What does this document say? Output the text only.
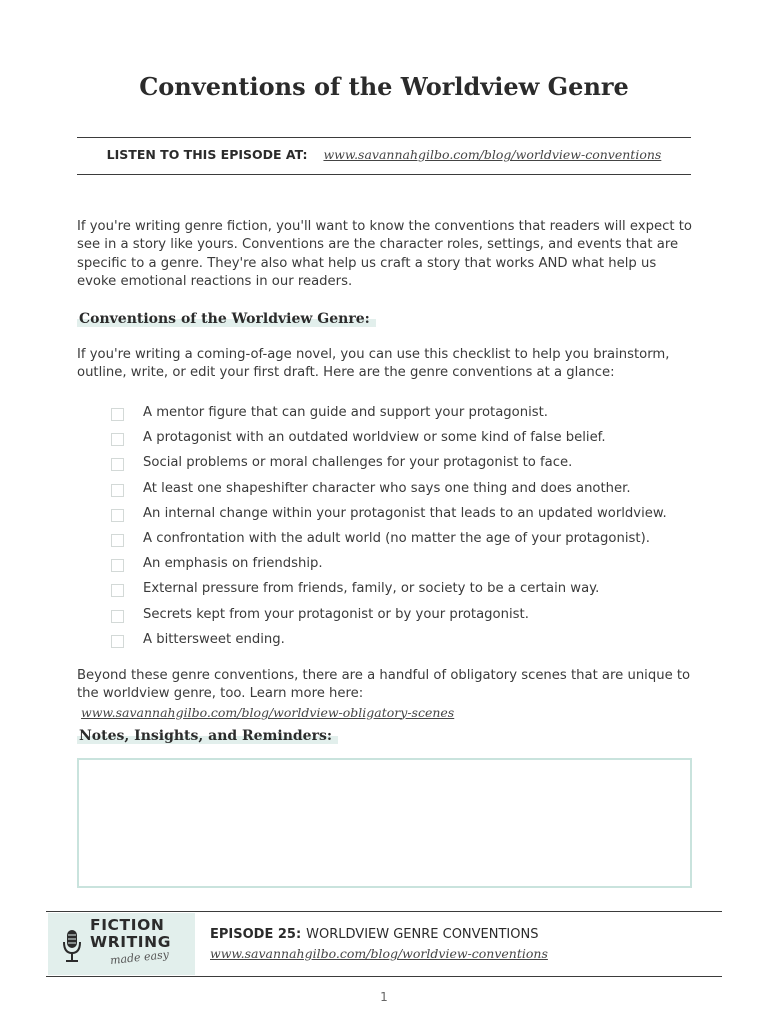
Conventions of the Worldview Genre
LISTEN TO THIS EPISODE AT: www.savannahgilbo.com/blog/worldview-conventions

If you're writing genre fiction, you'll want to know the conventions that readers will expect to see in a story like yours. Conventions are the character roles, settings, and events that are specific to a genre. They're also what help us craft a story that works AND what help us evoke emotional reactions in our readers.

Conventions of the Worldview Genre:

If you're writing a coming-of-age novel, you can use this checklist to help you brainstorm, outline, write, or edit your first draft. Here are the genre conventions at a glance:

A mentor figure that can guide and support your protagonist.
A protagonist with an outdated worldview or some kind of false belief.
Social problems or moral challenges for your protagonist to face.
At least one shapeshifter character who says one thing and does another.
An internal change within your protagonist that leads to an updated worldview.
A confrontation with the adult world (no matter the age of your protagonist).
An emphasis on friendship.
External pressure from friends, family, or society to be a certain way.
Secrets kept from your protagonist or by your protagonist.
A bittersweet ending.

Beyond these genre conventions, there are a handful of obligatory scenes that are unique to the worldview genre, too. Learn more here: www.savannahgilbo.com/blog/worldview-obligatory-scenes

Notes, Insights, and Reminders:
FICTION
WRITING
made easy
EPISODE 25: WORLDVIEW GENRE CONVENTIONS
www.savannahgilbo.com/blog/worldview-conventions
1
